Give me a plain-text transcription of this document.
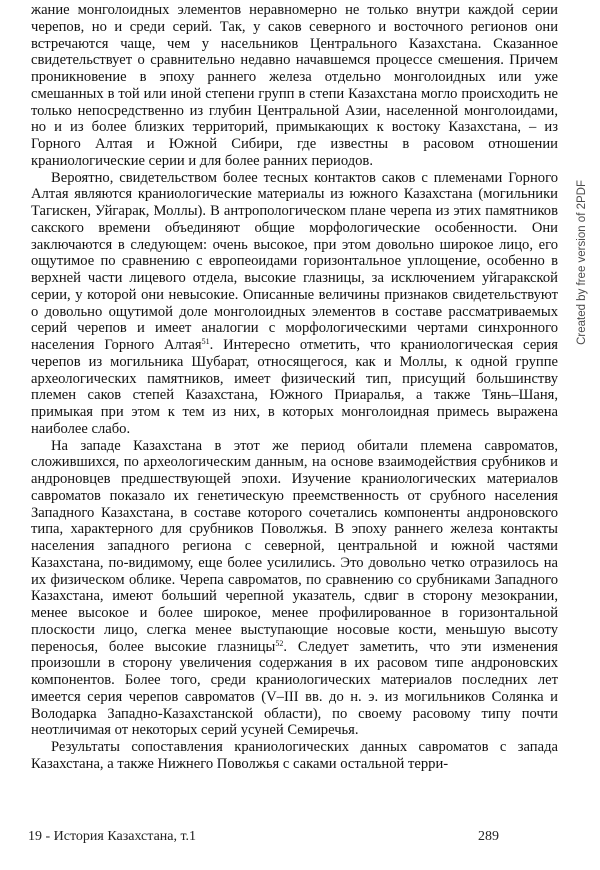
жание монголоидных элементов неравномерно не только внутри каждой серии черепов, но и среди серий. Так, у саков северного и восточного регионов они встречаются чаще, чем у насельников Центрального Казахстана. Сказанное свидетельствует о сравнительно недавно начавшемся процессе смешения. Причем проникновение в эпоху раннего железа отдельно монголоидных или уже смешанных в той или иной степени групп в степи Казахстана могло происходить не только непосредственно из глубин Центральной Азии, населенной монголоидами, но и из более близких территорий, примыкающих к востоку Казахстана, – из Горного Алтая и Южной Сибири, где известны в расовом отношении краниологические серии и для более ранних периодов.

Вероятно, свидетельством более тесных контактов саков с племенами Горного Алтая являются краниологические материалы из южного Казахстана (могильники Тагискен, Уйгарак, Моллы). В антропологическом плане черепа из этих памятников сакского времени объединяют общие морфологические особенности. Они заключаются в следующем: очень высокое, при этом довольно широкое лицо, его ощутимое по сравнению с европеоидами горизонтальное уплощение, особенно в верхней части лицевого отдела, высокие глазницы, за исключением уйгаракской серии, у которой они невысокие. Описанные величины признаков свидетельствуют о довольно ощутимой доле монголоидных элементов в составе рассматриваемых серий черепов и имеет аналогии с морфологическими чертами синхронного населения Горного Алтая$^{51}$. Интересно отметить, что краниологическая серия черепов из могильника Шубарат, относящегося, как и Моллы, к одной группе археологических памятников, имеет физический тип, присущий большинству племен саков степей Казахстана, Южного Приаралья, а также Тянь–Шаня, примыкая при этом к тем из них, в которых монголоидная примесь выражена наиболее слабо.

На западе Казахстана в этот же период обитали племена савроматов, сложившихся, по археологическим данным, на основе взаимодействия срубников и андроновцев предшествующей эпохи. Изучение краниологических материалов савроматов показало их генетическую преемственность от срубного населения Западного Казахстана, в составе которого сочетались компоненты андроновского типа, характерного для срубников Поволжья. В эпоху раннего железа контакты населения западного региона с северной, центральной и южной частями Казахстана, по-видимому, еще более усилились. Это довольно четко отразилось на их физическом облике. Черепа савроматов, по сравнению со срубниками Западного Казахстана, имеют больший черепной указатель, сдвиг в сторону мезокрании, менее высокое и более широкое, менее профилированное в горизонтальной плоскости лицо, слегка менее выступающие носовые кости, меньшую высоту переносья, более высокие глазницы$^{52}$. Следует заметить, что эти изменения произошли в сторону увеличения содержания в их расовом типе андроновских компонентов. Более того, среди краниологических материалов последних лет имеется серия черепов савроматов (V–III вв. до н. э. из могильников Солянка и Володарка Западно-Казахстанской области), по своему расовому типу почти неотличимая от некоторых серий усуней Семиречья.

Результаты сопоставления краниологических данных савроматов с запада Казахстана, а также Нижнего Поволжья с саками остальной терри-

19 - История Казахстана, т.1	289
Created by free version of 2PDF
